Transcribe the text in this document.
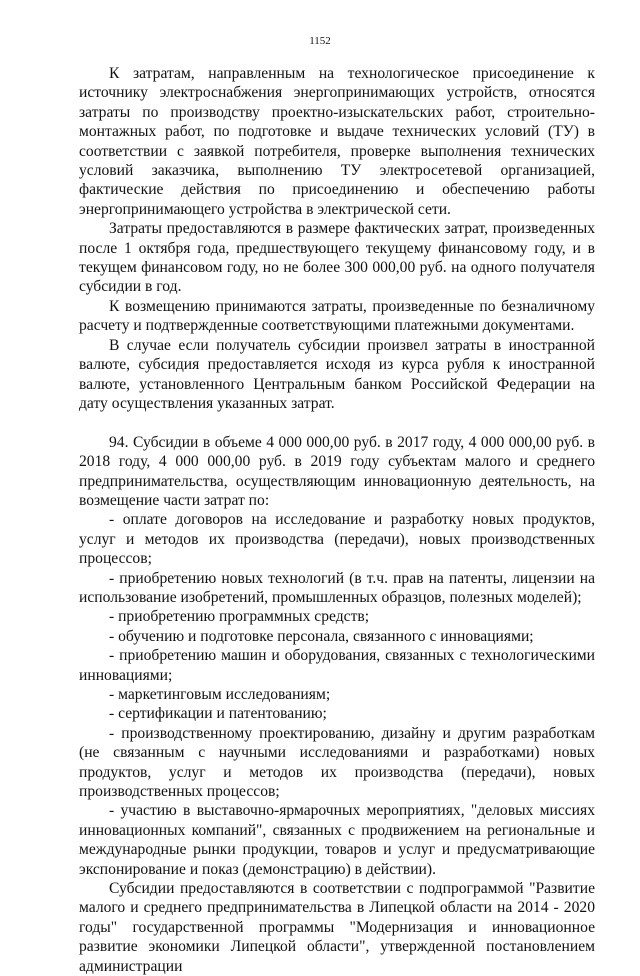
1152

К затратам, направленным на технологическое присоединение к источнику электроснабжения энергопринимающих устройств, относятся затраты по производству проектно-изыскательских работ, строительно-монтажных работ, по подготовке и выдаче технических условий (ТУ) в соответствии с заявкой потребителя, проверке выполнения технических условий заказчика, выполнению ТУ электросетевой организацией, фактические действия по присоединению и обеспечению работы энергопринимающего устройства в электрической сети.

Затраты предоставляются в размере фактических затрат, произведенных после 1 октября года, предшествующего текущему финансовому году, и в текущем финансовом году, но не более 300 000,00 руб. на одного получателя субсидии в год.

К возмещению принимаются затраты, произведенные по безналичному расчету и подтвержденные соответствующими платежными документами.

В случае если получатель субсидии произвел затраты в иностранной валюте, субсидия предоставляется исходя из курса рубля к иностранной валюте, установленного Центральным банком Российской Федерации на дату осуществления указанных затрат.

94. Субсидии в объеме 4 000 000,00 руб. в 2017 году, 4 000 000,00 руб. в 2018 году, 4 000 000,00 руб. в 2019 году субъектам малого и среднего предпринимательства, осуществляющим инновационную деятельность, на возмещение части затрат по:

- оплате договоров на исследование и разработку новых продуктов, услуг и методов их производства (передачи), новых производственных процессов;

- приобретению новых технологий (в т.ч. прав на патенты, лицензии на использование изобретений, промышленных образцов, полезных моделей);

- приобретению программных средств;

- обучению и подготовке персонала, связанного с инновациями;

- приобретению машин и оборудования, связанных с технологическими инновациями;

- маркетинговым исследованиям;

- сертификации и патентованию;

- производственному проектированию, дизайну и другим разработкам (не связанным с научными исследованиями и разработками) новых продуктов, услуг и методов их производства (передачи), новых производственных процессов;

- участию в выставочно-ярмарочных мероприятиях, "деловых миссиях инновационных компаний", связанных с продвижением на региональные и международные рынки продукции, товаров и услуг и предусматривающие экспонирование и показ (демонстрацию) в действии).

Субсидии предоставляются в соответствии с подпрограммой "Развитие малого и среднего предпринимательства в Липецкой области на 2014 - 2020 годы" государственной программы "Модернизация и инновационное развитие экономики Липецкой области", утвержденной постановлением администрации
